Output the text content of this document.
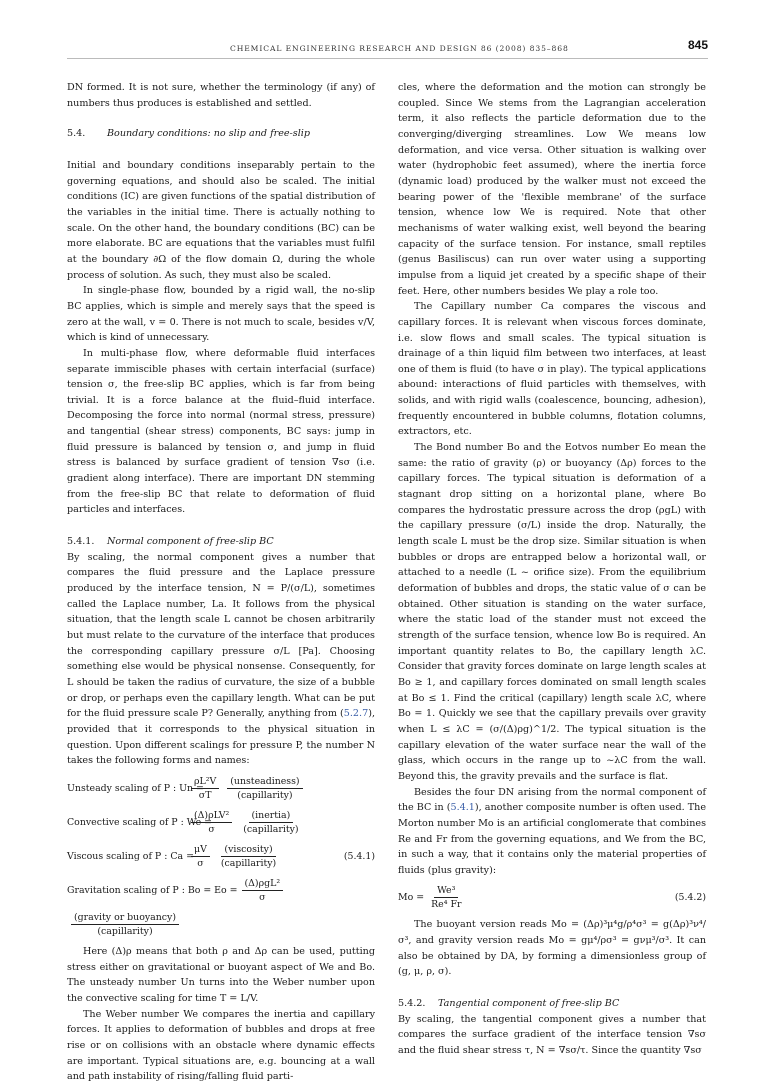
CHEMICAL ENGINEERING RESEARCH AND DESIGN 86 (2008) 835–868	845

DN formed. It is not sure, whether the terminology (if any) of numbers thus produces is established and settled.

5.4. Boundary conditions: no slip and free-slip

Initial and boundary conditions inseparably pertain to the governing equations, and should also be scaled. The initial conditions (IC) are given functions of the spatial distribution of the variables in the initial time. There is actually nothing to scale. On the other hand, the boundary conditions (BC) can be more elaborate. BC are equations that the variables must fulfil at the boundary ∂Ω of the flow domain Ω, during the whole process of solution. As such, they must also be scaled.

In single-phase flow, bounded by a rigid wall, the no-slip BC applies, which is simple and merely says that the speed is zero at the wall, v = 0. There is not much to scale, besides v/V, which is kind of unnecessary.

In multi-phase flow, where deformable fluid interfaces separate immiscible phases with certain interfacial (surface) tension σ, the free-slip BC applies, which is far from being trivial. It is a force balance at the fluid–fluid interface. Decomposing the force into normal (normal stress, pressure) and tangential (shear stress) components, BC says: jump in fluid pressure is balanced by tension σ, and jump in fluid stress is balanced by surface gradient of tension ∇sσ (i.e. gradient along interface). There are important DN stemming from the free-slip BC that relate to deformation of fluid particles and interfaces.

5.4.1. Normal component of free-slip BC

By scaling, the normal component gives a number that compares the fluid pressure and the Laplace pressure produced by the interface tension, N = P/(σ/L), sometimes called the Laplace number, La. It follows from the physical situation, that the length scale L cannot be chosen arbitrarily but must relate to the curvature of the interface that produces the corresponding capillary pressure σ/L [Pa]. Choosing something else would be physical nonsense. Consequently, for L should be taken the radius of curvature, the size of a bubble or drop, or perhaps even the capillary length. What can be put for the fluid pressure scale P? Generally, anything from (5.2.7), provided that it corresponds to the physical situation in question. Upon different scalings for pressure P, the number N takes the following forms and names:

Unsteady scaling of P : Un =
$\frac{\text{ρL²V}}{\sigma T} \frac{\text{(unsteadiness)}}{\text{(capillarity)}}$
Convective scaling of P : We =
$\frac{\text{(Δ)ρLV²}}{\sigma} \frac{\text{(inertia)}}{\text{(capillarity)}}$
Viscous scaling of P : Ca =
$\frac{\mu V}{\sigma} \frac{\text{(viscosity)}}{\text{(capillarity)}}$	(5.4.1)
Gravitation scaling of P : $Bo = Eo = \frac{\text{(Δ)ρgL²}}{\sigma}$
$\frac{\text{(gravity or buoyancy)}}{\text{(capillarity)}}$

Here (Δ)ρ means that both ρ and Δρ can be used, putting stress either on gravitational or buoyant aspect of We and Bo. The unsteady number Un turns into the Weber number upon the convective scaling for time T = L/V.

The Weber number We compares the inertia and capillary forces. It applies to deformation of bubbles and drops at free rise or on collisions with an obstacle where dynamic effects are important. Typical situations are, e.g. bouncing at a wall and path instability of rising/falling fluid parti-

cles, where the deformation and the motion can strongly be coupled. Since We stems from the Lagrangian acceleration term, it also reflects the particle deformation due to the converging/diverging streamlines. Low We means low deformation, and vice versa. Other situation is walking over water (hydrophobic feet assumed), where the inertia force (dynamic load) produced by the walker must not exceed the bearing power of the 'flexible membrane' of the surface tension, whence low We is required. Note that other mechanisms of water walking exist, well beyond the bearing capacity of the surface tension. For instance, small reptiles (genus Basiliscus) can run over water using a supporting impulse from a liquid jet created by a specific shape of their feet. Here, other numbers besides We play a role too.

The Capillary number Ca compares the viscous and capillary forces. It is relevant when viscous forces dominate, i.e. slow flows and small scales. The typical situation is drainage of a thin liquid film between two interfaces, at least one of them is fluid (to have σ in play). The typical applications abound: interactions of fluid particles with themselves, with solids, and with rigid walls (coalescence, bouncing, adhesion), frequently encountered in bubble columns, flotation columns, extractors, etc.

The Bond number Bo and the Eotvos number Eo mean the same: the ratio of gravity (ρ) or buoyancy (Δρ) forces to the capillary forces. The typical situation is deformation of a stagnant drop sitting on a horizontal plane, where Bo compares the hydrostatic pressure across the drop (ρgL) with the capillary pressure (σ/L) inside the drop. Naturally, the length scale L must be the drop size. Similar situation is when bubbles or drops are entrapped below a horizontal wall, or attached to a needle (L ~ orifice size). From the equilibrium deformation of bubbles and drops, the static value of σ can be obtained. Other situation is standing on the water surface, where the static load of the stander must not exceed the strength of the surface tension, whence low Bo is required. An important quantity relates to Bo, the capillary length λC. Consider that gravity forces dominate on large length scales at Bo ≥ 1, and capillary forces dominated on small length scales at Bo ≤ 1. Find the critical (capillary) length scale λC, where Bo = 1. Quickly we see that the capillary prevails over gravity when L ≤ λC = (σ/(Δ)ρg)^1/2. The typical situation is the capillary elevation of the water surface near the wall of the glass, which occurs in the range up to ~λC from the wall. Beyond this, the gravity prevails and the surface is flat.

Besides the four DN arising from the normal component of the BC in (5.4.1), another composite number is often used. The Morton number Mo is an artificial conglomerate that combines Re and Fr from the governing equations, and We from the BC, in such a way, that it contains only the material properties of fluids (plus gravity):

$Mo = \frac{\text{We³}}{\text{Re⁴ Fr}}$	(5.4.2)

The buoyant version reads Mo = (Δρ)³μ⁴g/ρ⁴σ³ = g(Δρ)³ν⁴/σ³, and gravity version reads Mo = gμ⁴/ρσ³ = gνμ³/σ³. It can also be obtained by DA, by forming a dimensionless group of (g, μ, ρ, σ).

5.4.2. Tangential component of free-slip BC

By scaling, the tangential component gives a number that compares the surface gradient of the interface tension ∇sσ and the fluid shear stress τ, N = ∇sσ/τ. Since the quantity ∇sσ
